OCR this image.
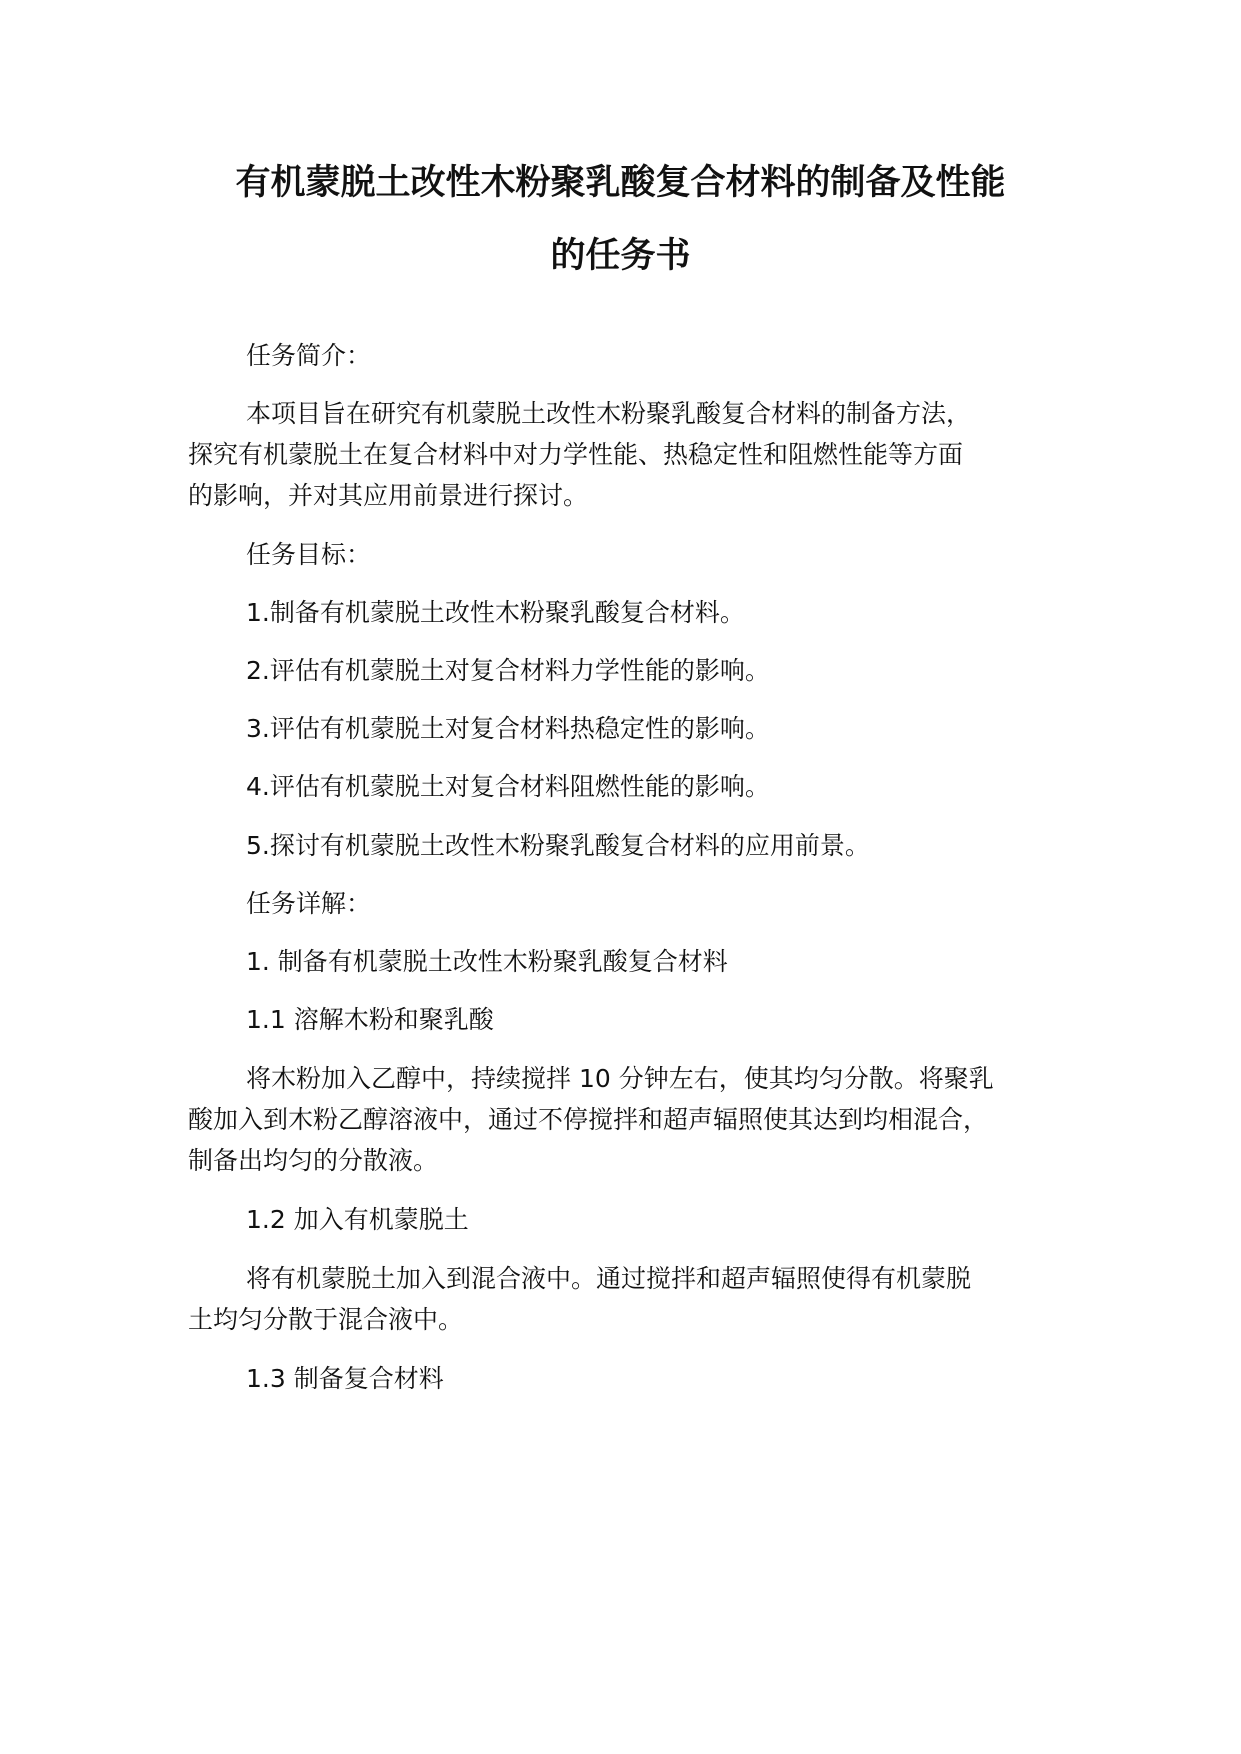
有机蒙脱土改性木粉聚乳酸复合材料的制备及性能
的任务书
任务简介：
本项目旨在研究有机蒙脱土改性木粉聚乳酸复合材料的制备方法，
探究有机蒙脱土在复合材料中对力学性能、热稳定性和阻燃性能等方面
的影响，并对其应用前景进行探讨。
任务目标：
1.制备有机蒙脱土改性木粉聚乳酸复合材料。
2.评估有机蒙脱土对复合材料力学性能的影响。
3.评估有机蒙脱土对复合材料热稳定性的影响。
4.评估有机蒙脱土对复合材料阻燃性能的影响。
5.探讨有机蒙脱土改性木粉聚乳酸复合材料的应用前景。
任务详解：
1. 制备有机蒙脱土改性木粉聚乳酸复合材料
1.1 溶解木粉和聚乳酸
将木粉加入乙醇中，持续搅拌 10 分钟左右，使其均匀分散。将聚乳
酸加入到木粉乙醇溶液中，通过不停搅拌和超声辐照使其达到均相混合，
制备出均匀的分散液。
1.2 加入有机蒙脱土
将有机蒙脱土加入到混合液中。通过搅拌和超声辐照使得有机蒙脱
土均匀分散于混合液中。
1.3 制备复合材料
